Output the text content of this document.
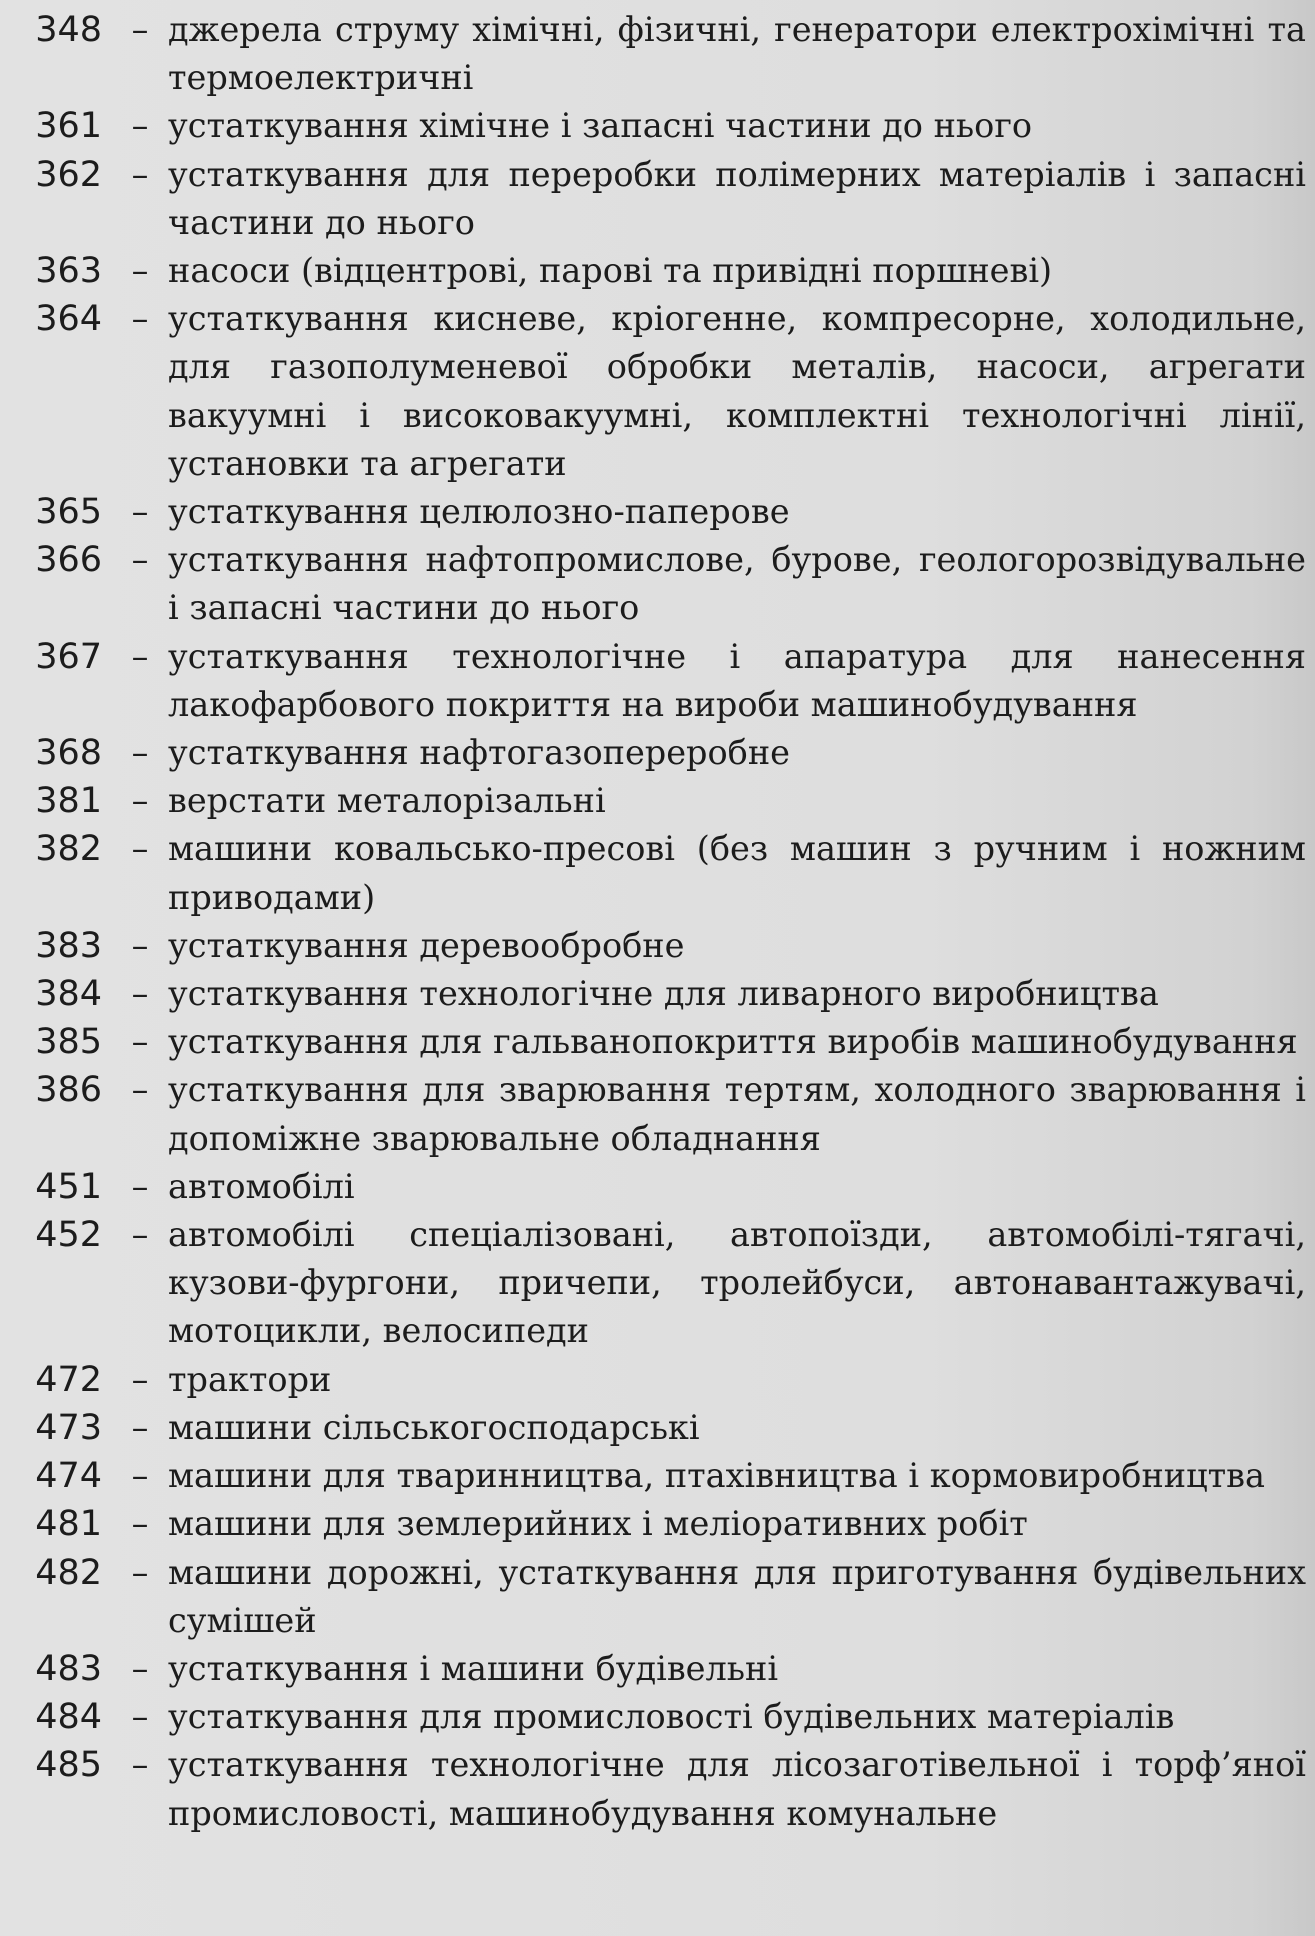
348 – джерела струму хімічні, фізичні, генератори електрохімічні та термоелектричні
361 – устаткування хімічне і запасні частини до нього
362 – устаткування для переробки полімерних матеріалів і запасні частини до нього
363 – насоси (відцентрові, парові та привідні поршневі)
364 – устаткування кисневе, кріогенне, компресорне, холодильне, для газополуменевої обробки металів, насоси, агрегати вакуумні і високовакуумні, комплектні технологічні лінії, установки та агрегати
365 – устаткування целюлозно-паперове
366 – устаткування нафтопромислове, бурове, геологорозвідувальне і запасні частини до нього
367 – устаткування технологічне і апаратура для нанесення лакофарбового покриття на вироби машинобудування
368 – устаткування нафтогазопереробне
381 – верстати металорізальні
382 – машини ковальсько-пресові (без машин з ручним і ножним приводами)
383 – устаткування деревообробне
384 – устаткування технологічне для ливарного виробництва
385 – устаткування для гальванопокриття виробів машинобудування
386 – устаткування для зварювання тертям, холодного зварювання і допоміжне зварювальне обладнання
451 – автомобілі
452 – автомобілі спеціалізовані, автопоїзди, автомобілі-тягачі, кузови-фургони, причепи, тролейбуси, автонавантажувачі, мотоцикли, велосипеди
472 – трактори
473 – машини сільськогосподарські
474 – машини для тваринництва, птахівництва і кормовиробництва
481 – машини для землерийних і меліоративних робіт
482 – машини дорожні, устаткування для приготування будівельних сумішей
483 – устаткування і машини будівельні
484 – устаткування для промисловості будівельних матеріалів
485 – устаткування технологічне для лісозаготівельної і торф’яної промисловості, машинобудування комунальне
